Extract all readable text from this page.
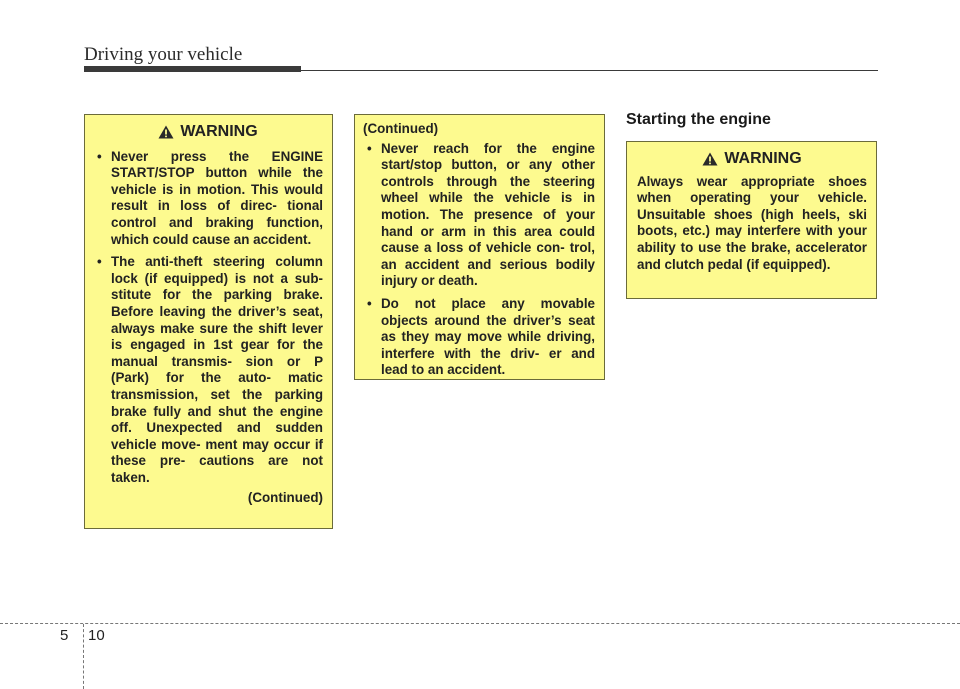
Driving your vehicle
WARNING
• Never press the ENGINE START/STOP button while the vehicle is in motion. This would result in loss of direc- tional control and braking function, which could cause an accident.
• The anti-theft steering column lock (if equipped) is not a sub- stitute for the parking brake. Before leaving the driver’s seat, always make sure the shift lever is engaged in 1st gear for the manual transmis- sion or P (Park) for the auto- matic transmission, set the parking brake fully and shut the engine off. Unexpected and sudden vehicle move- ment may occur if these pre- cautions are not taken.
(Continued)
(Continued)
• Never reach for the engine start/stop button, or any other controls through the steering wheel while the vehicle is in motion. The presence of your hand or arm in this area could cause a loss of vehicle con- trol, an accident and serious bodily injury or death.
• Do not place any movable objects around the driver’s seat as they may move while driving, interfere with the driv- er and lead to an accident.
Starting the engine
WARNING
Always wear appropriate shoes when operating your vehicle. Unsuitable shoes (high heels, ski boots, etc.) may interfere with your ability to use the brake, accelerator and clutch pedal (if equipped).
5 10
